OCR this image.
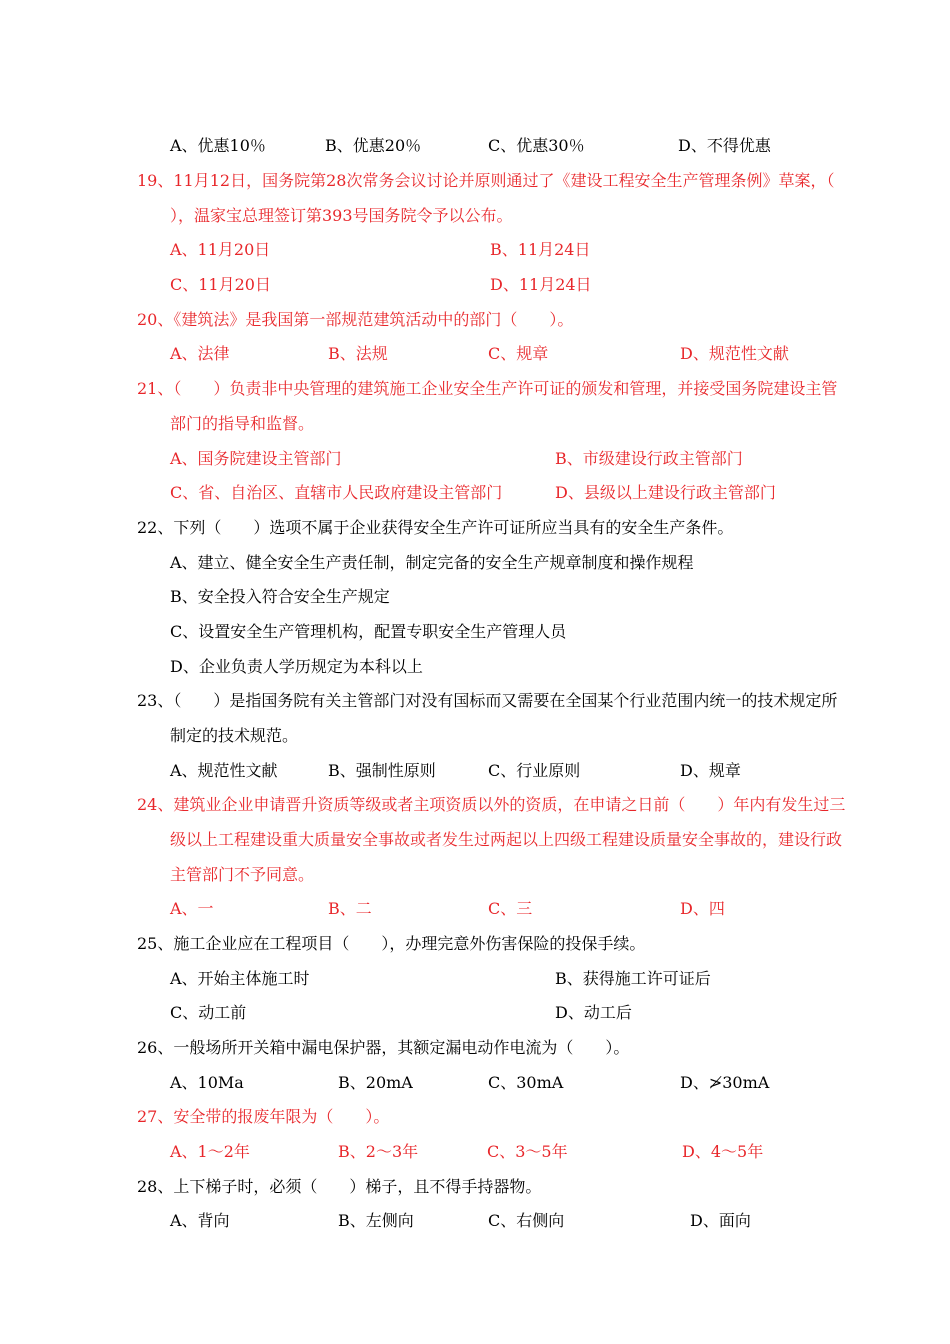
A、优惠10％	B、优惠20％	C、优惠30％	D、不得优惠
19、11月12日，国务院第28次常务会议讨论并原则通过了《建设工程安全生产管理条例》草案，（
），温家宝总理签订第393号国务院令予以公布。
A、11月20日	B、11月24日
C、11月20日	D、11月24日
20、《建筑法》是我国第一部规范建筑活动中的部门（　　）。
A、法律	B、法规	C、规章	D、规范性文献
21、（　　）负责非中央管理的建筑施工企业安全生产许可证的颁发和管理，并接受国务院建设主管
部门的指导和监督。
A、国务院建设主管部门	B、市级建设行政主管部门
C、省、自治区、直辖市人民政府建设主管部门	D、县级以上建设行政主管部门
22、下列（　　）选项不属于企业获得安全生产许可证所应当具有的安全生产条件。
A、建立、健全安全生产责任制，制定完备的安全生产规章制度和操作规程
B、安全投入符合安全生产规定
C、设置安全生产管理机构，配置专职安全生产管理人员
D、企业负责人学历规定为本科以上
23、（　　）是指国务院有关主管部门对没有国标而又需要在全国某个行业范围内统一的技术规定所
制定的技术规范。
A、规范性文献	B、强制性原则	C、行业原则	D、规章
24、建筑业企业申请晋升资质等级或者主项资质以外的资质，在申请之日前（　　）年内有发生过三
级以上工程建设重大质量安全事故或者发生过两起以上四级工程建设质量安全事故的，建设行政
主管部门不予同意。
A、一	B、二	C、三	D、四
25、施工企业应在工程项目（　　），办理完意外伤害保险的投保手续。
A、开始主体施工时	B、获得施工许可证后
C、动工前	D、动工后
26、一般场所开关箱中漏电保护器，其额定漏电动作电流为（　　）。
A、10Ma	B、20mA	C、30mA	D、≯30mA
27、安全带的报废年限为（　　）。
A、1～2年	B、2～3年	C、3～5年	D、4～5年
28、上下梯子时，必须（　　）梯子，且不得手持器物。
A、背向	B、左侧向	C、右侧向	D、面向
